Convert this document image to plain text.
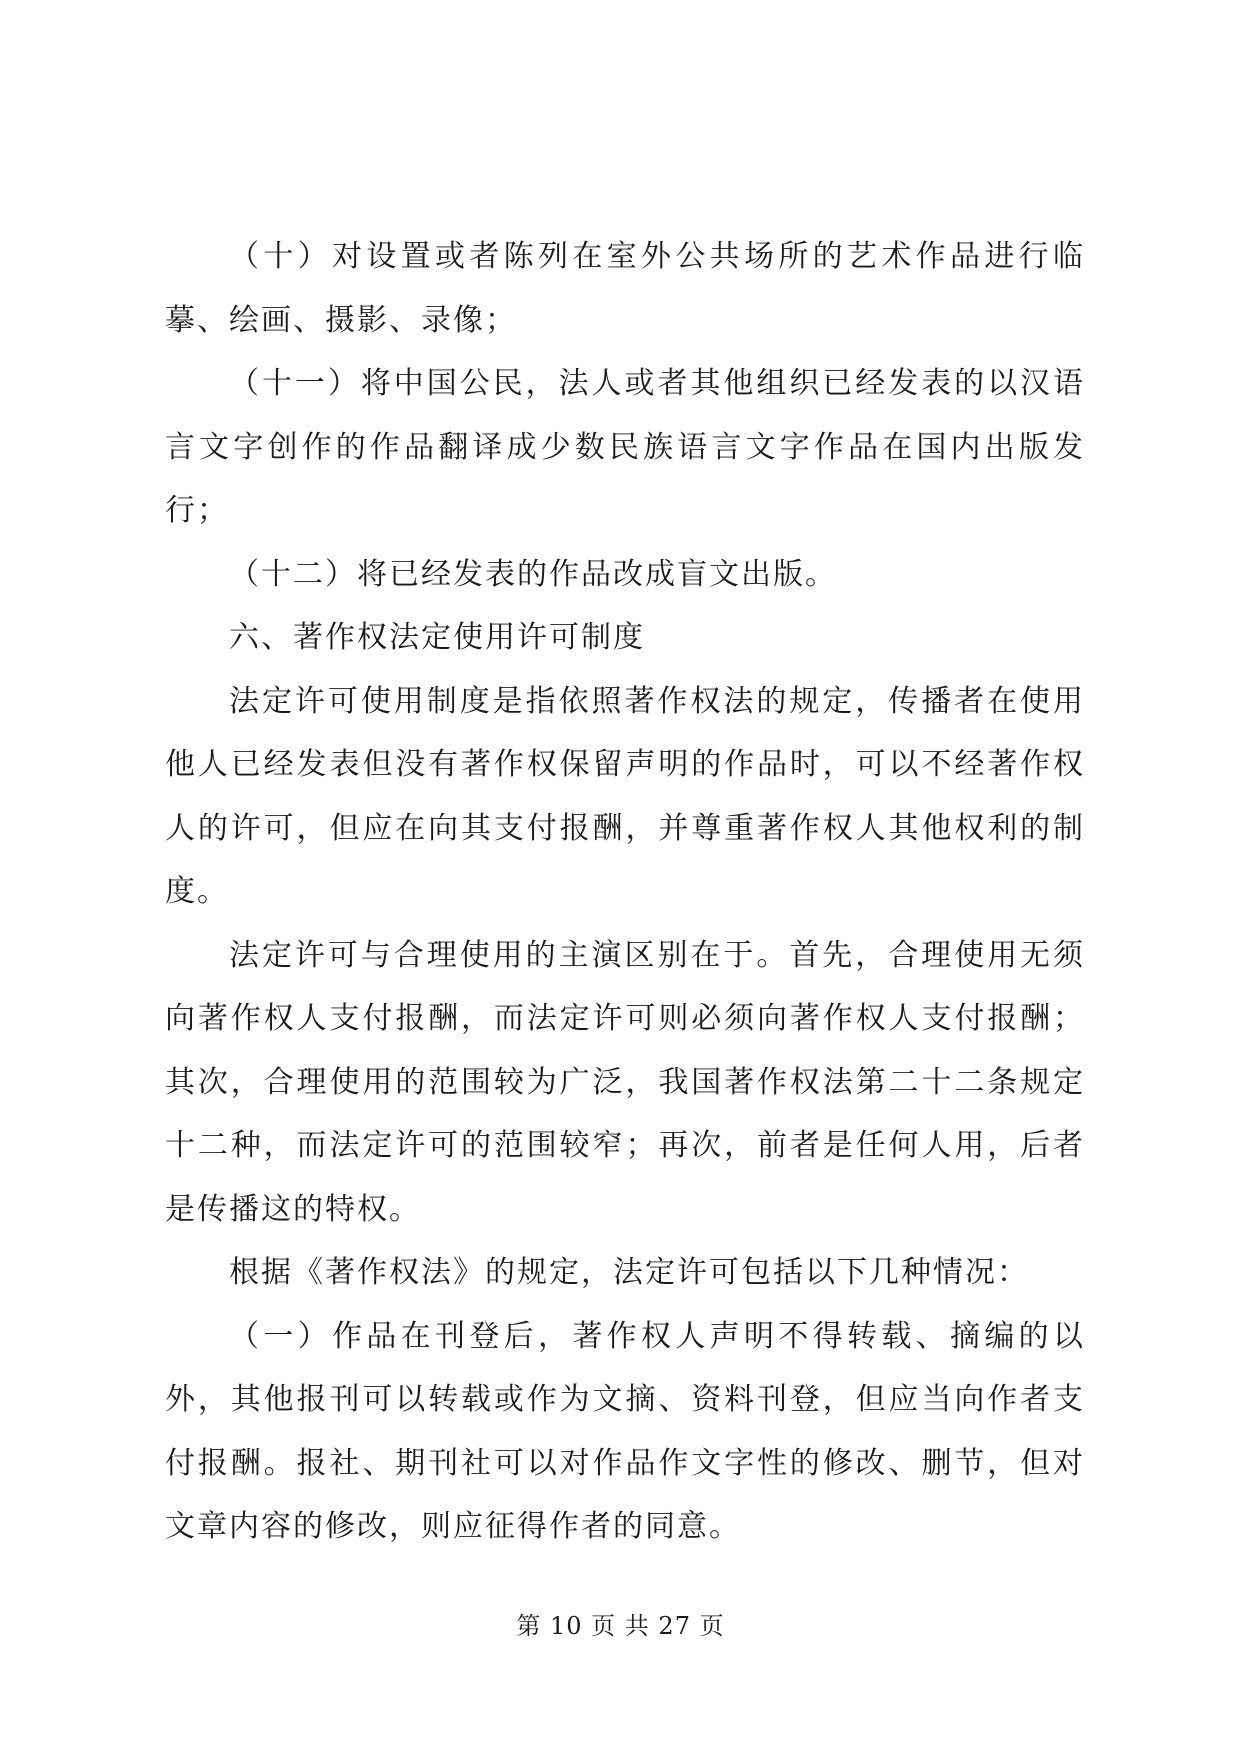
（十）对设置或者陈列在室外公共场所的艺术作品进行临摹、绘画、摄影、录像；

（十一）将中国公民，法人或者其他组织已经发表的以汉语言文字创作的作品翻译成少数民族语言文字作品在国内出版发行；

（十二）将已经发表的作品改成盲文出版。

六、著作权法定使用许可制度

法定许可使用制度是指依照著作权法的规定，传播者在使用他人已经发表但没有著作权保留声明的作品时，可以不经著作权人的许可，但应在向其支付报酬，并尊重著作权人其他权利的制度。

法定许可与合理使用的主演区别在于。首先，合理使用无须向著作权人支付报酬，而法定许可则必须向著作权人支付报酬；其次，合理使用的范围较为广泛，我国著作权法第二十二条规定十二种，而法定许可的范围较窄；再次，前者是任何人用，后者是传播这的特权。

根据《著作权法》的规定，法定许可包括以下几种情况：

（一）作品在刊登后，著作权人声明不得转载、摘编的以外，其他报刊可以转载或作为文摘、资料刊登，但应当向作者支付报酬。报社、期刊社可以对作品作文字性的修改、删节，但对文章内容的修改，则应征得作者的同意。

第 10 页 共 27 页
